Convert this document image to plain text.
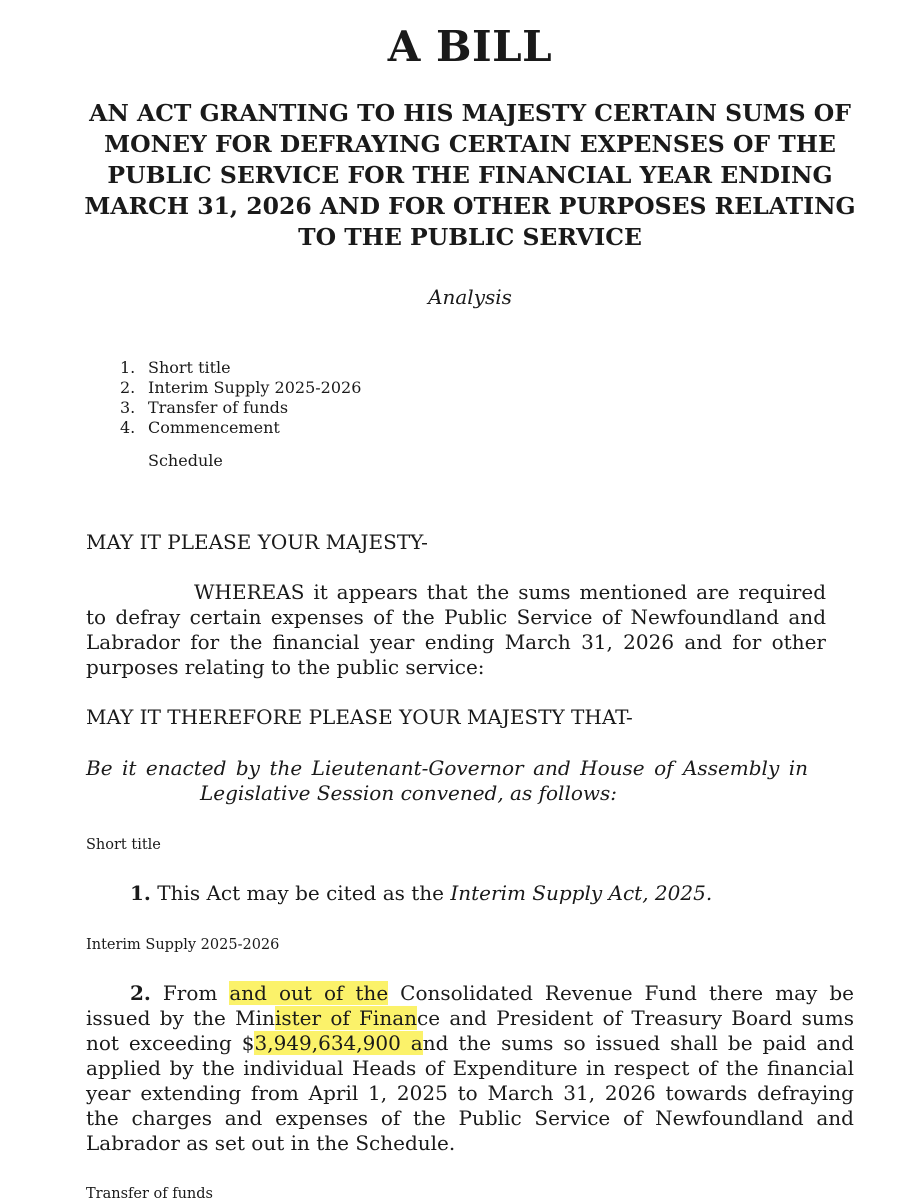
A BILL
AN ACT GRANTING TO HIS MAJESTY CERTAIN SUMS OF MONEY FOR DEFRAYING CERTAIN EXPENSES OF THE PUBLIC SERVICE FOR THE FINANCIAL YEAR ENDING MARCH 31, 2026 AND FOR OTHER PURPOSES RELATING TO THE PUBLIC SERVICE

Analysis

1. Short title
2. Interim Supply 2025-2026
3. Transfer of funds
4. Commencement

Schedule

MAY IT PLEASE YOUR MAJESTY-

WHEREAS it appears that the sums mentioned are required to defray certain expenses of the Public Service of Newfoundland and Labrador for the financial year ending March 31, 2026 and for other purposes relating to the public service:

MAY IT THEREFORE PLEASE YOUR MAJESTY THAT-

Be it enacted by the Lieutenant-Governor and House of Assembly in

Legislative Session convened, as follows:

Short title

1. This Act may be cited as the Interim Supply Act, 2025.

Interim Supply 2025-2026

2. From and out of the Consolidated Revenue Fund there may be issued by the Minister of Finance and President of Treasury Board sums not exceeding $3,949,634,900 and the sums so issued shall be paid and applied by the individual Heads of Expenditure in respect of the financial year extending from April 1, 2025 to March 31, 2026 towards defraying the charges and expenses of the Public Service of Newfoundland and Labrador as set out in the Schedule.

Transfer of funds
